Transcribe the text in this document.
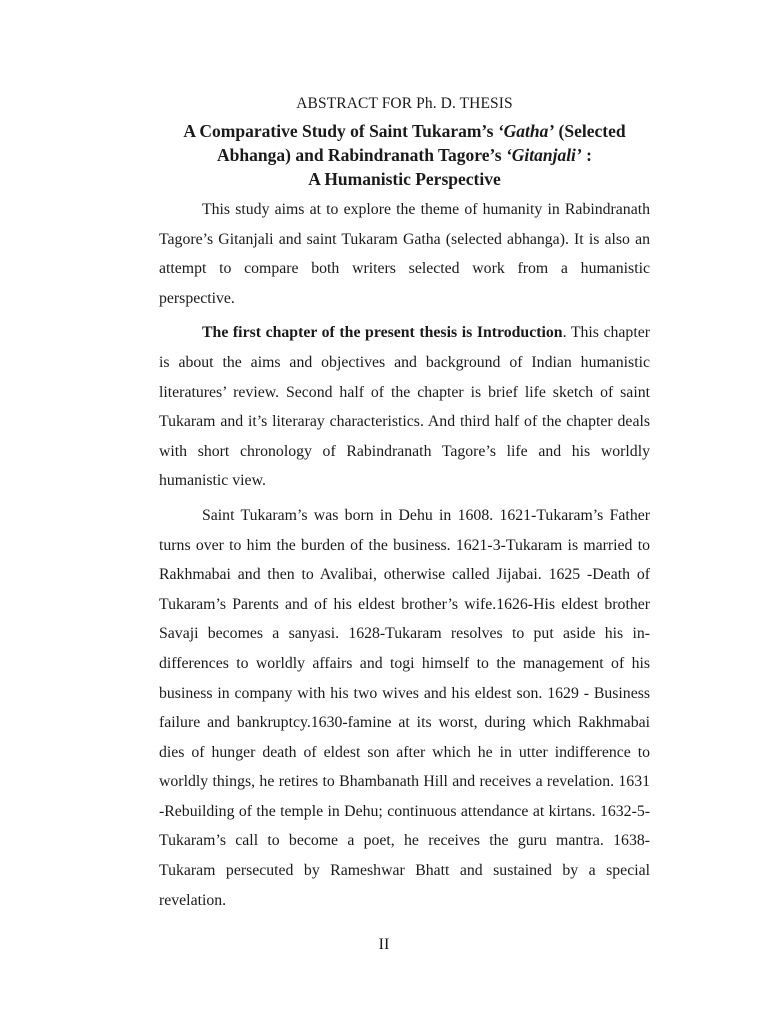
ABSTRACT FOR Ph. D. THESIS

A Comparative Study of Saint Tukaram’s ‘Gatha’ (Selected Abhanga) and Rabindranath Tagore’s ‘Gitanjali’ :
A Humanistic Perspective

This study aims at to explore the theme of humanity in Rabindranath Tagore’s Gitanjali and saint Tukaram Gatha (selected abhanga). It is also an attempt to compare both writers selected work from a humanistic perspective.

The first chapter of the present thesis is Introduction. This chapter is about the aims and objectives and background of Indian humanistic literatures’ review. Second half of the chapter is brief life sketch of saint Tukaram and it’s literaray characteristics. And third half of the chapter deals with short chronology of Rabindranath Tagore’s life and his worldly humanistic view.

Saint Tukaram’s was born in Dehu in 1608. 1621-Tukaram’s Father turns over to him the burden of the business. 1621-3-Tukaram is married to Rakhmabai and then to Avalibai, otherwise called Jijabai. 1625 -Death of Tukaram’s Parents and of his eldest brother’s wife.1626-His eldest brother Savaji becomes a sanyasi. 1628-Tukaram resolves to put aside his in- differences to worldly affairs and togi himself to the management of his business in company with his two wives and his eldest son. 1629 - Business failure and bankruptcy.1630-famine at its worst, during which Rakhmabai dies of hunger death of eldest son after which he in utter indifference to worldly things, he retires to Bhambanath Hill and receives a revelation. 1631 -Rebuilding of the temple in Dehu; continuous attendance at kirtans. 1632-5-Tukaram’s call to become a poet, he receives the guru mantra. 1638- Tukaram persecuted by Rameshwar Bhatt and sustained by a special revelation.

II
